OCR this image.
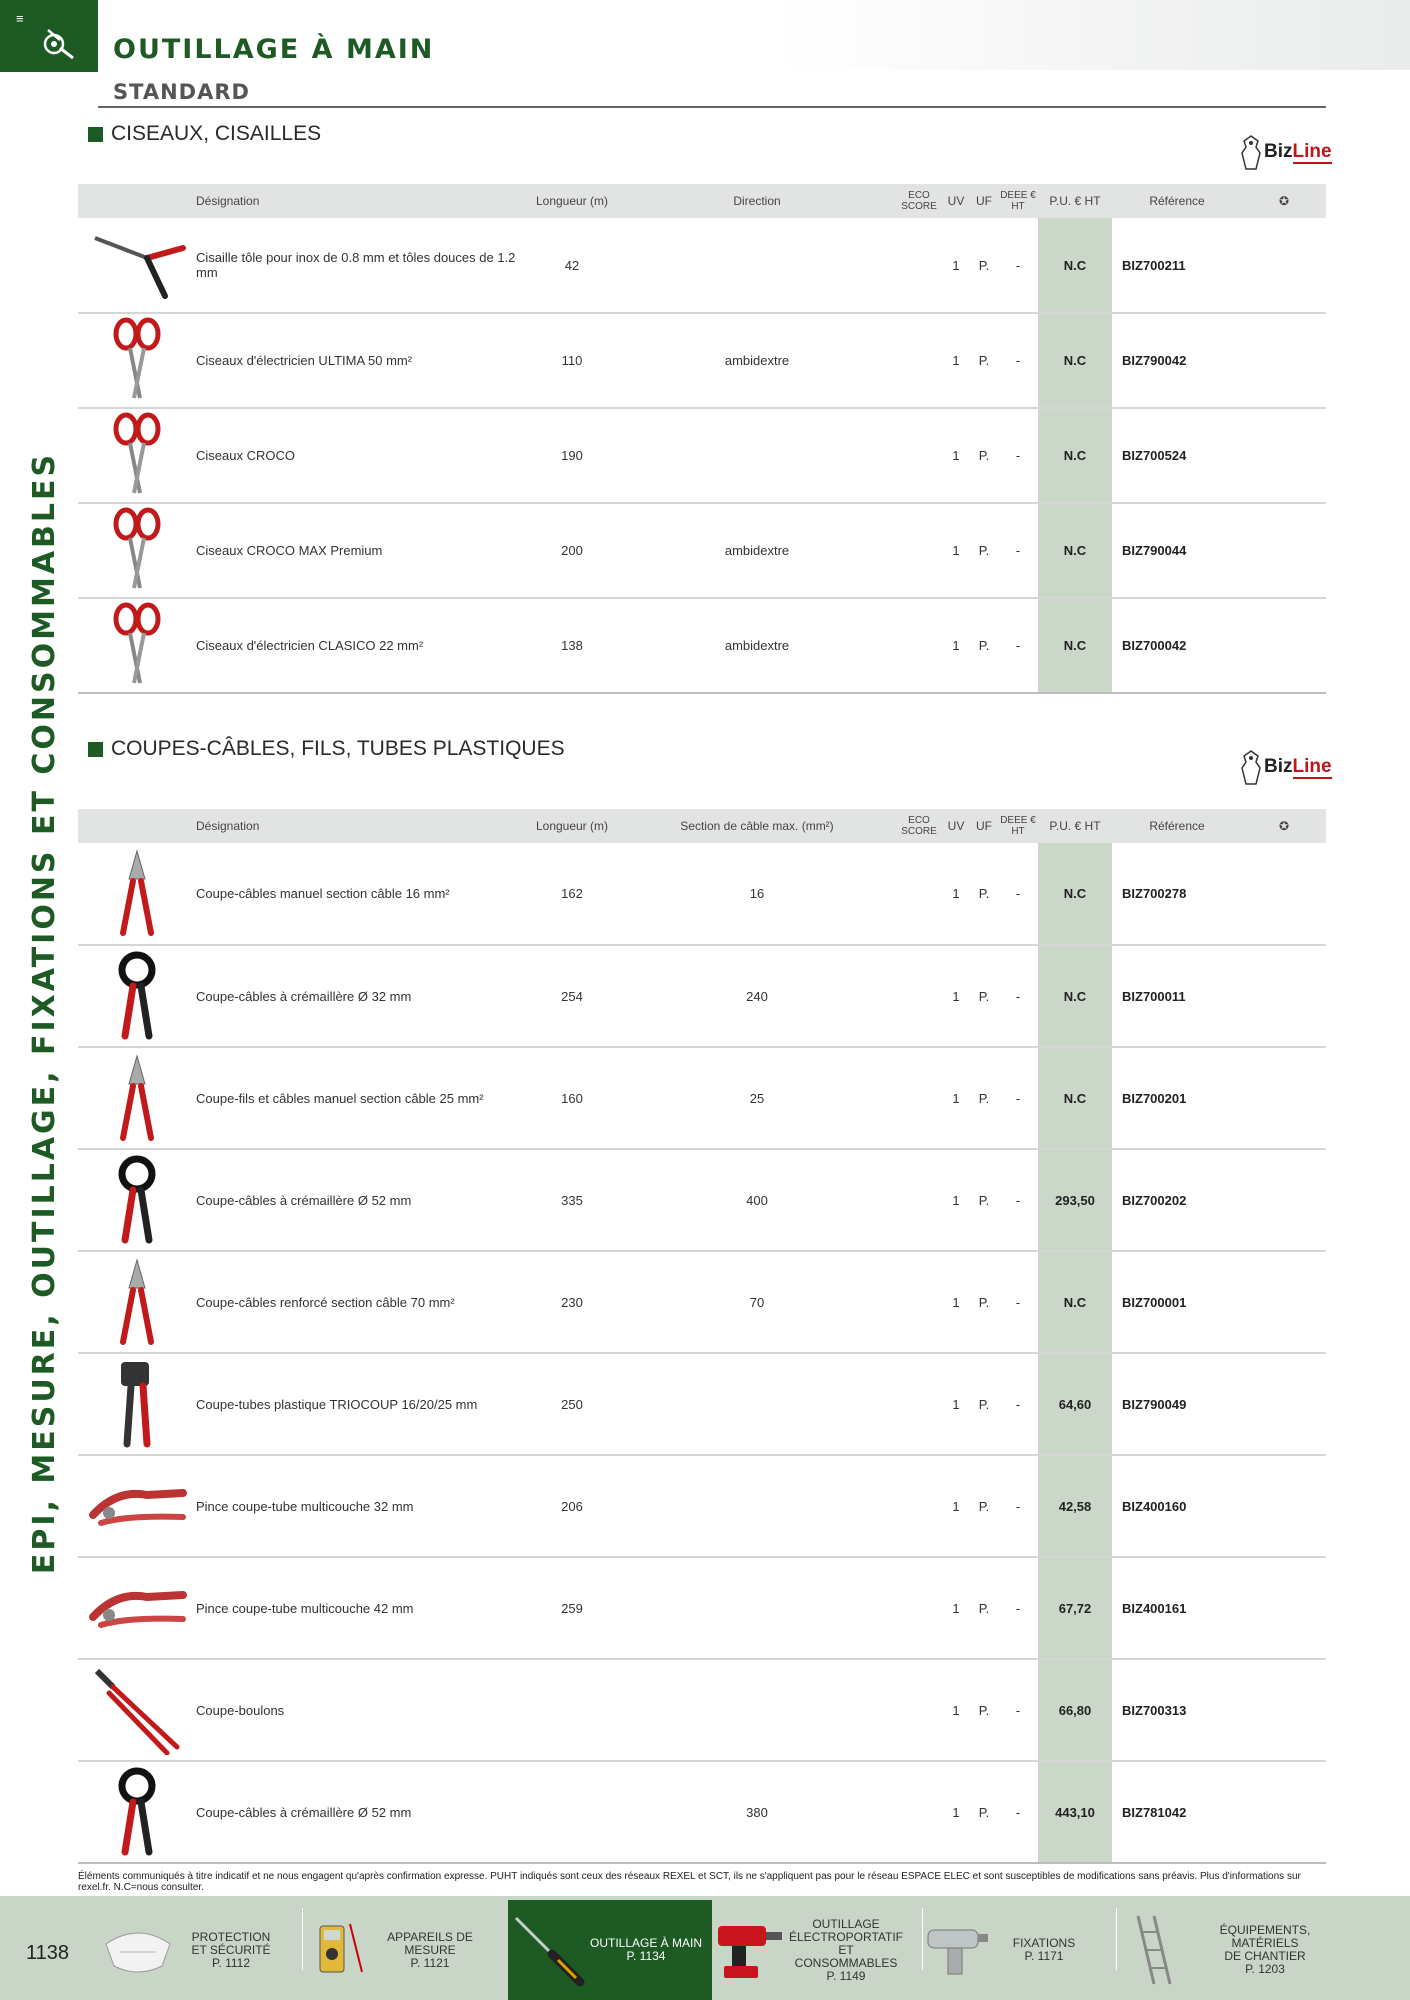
≡
OUTILLAGE À MAIN
STANDARD
EPI, MESURE, OUTILLAGE, FIXATIONS ET CONSOMMABLES
CISEAUX, CISAILLES
BizLine
	Désignation	Longueur (m)	Direction	ECO SCORE	UV	UF	DEEE € HT	P.U. € HT	Référence	✪
	Cisaille tôle pour inox de 0.8 mm et tôles douces de 1.2 mm	42			1	P.	-	N.C	BIZ700211	
	Ciseaux d'électricien ULTIMA 50 mm²	110	ambidextre		1	P.	-	N.C	BIZ790042	
	Ciseaux CROCO	190			1	P.	-	N.C	BIZ700524	
	Ciseaux CROCO MAX Premium	200	ambidextre		1	P.	-	N.C	BIZ790044	
	Ciseaux d'électricien CLASICO 22 mm²	138	ambidextre		1	P.	-	N.C	BIZ700042	
COUPES-CÂBLES, FILS, TUBES PLASTIQUES
BizLine
	Désignation	Longueur (m)	Section de câble max. (mm²)	ECO SCORE	UV	UF	DEEE € HT	P.U. € HT	Référence	✪
	Coupe-câbles manuel section câble 16 mm²	162	16		1	P.	-	N.C	BIZ700278	
	Coupe-câbles à crémaillère Ø 32 mm	254	240		1	P.	-	N.C	BIZ700011	
	Coupe-fils et câbles manuel section câble 25 mm²	160	25		1	P.	-	N.C	BIZ700201	
	Coupe-câbles à crémaillère Ø 52 mm	335	400		1	P.	-	293,50	BIZ700202	
	Coupe-câbles renforcé section câble 70 mm²	230	70		1	P.	-	N.C	BIZ700001	
	Coupe-tubes plastique TRIOCOUP 16/20/25 mm	250			1	P.	-	64,60	BIZ790049	
	Pince coupe-tube multicouche 32 mm	206			1	P.	-	42,58	BIZ400160	
	Pince coupe-tube multicouche 42 mm	259			1	P.	-	67,72	BIZ400161	
	Coupe-boulons				1	P.	-	66,80	BIZ700313	
	Coupe-câbles à crémaillère Ø 52 mm		380		1	P.	-	443,10	BIZ781042	
Éléments communiqués à titre indicatif et ne nous engagent qu'après confirmation expresse. PUHT indiqués sont ceux des réseaux REXEL et SCT, ils ne s'appliquent pas pour le réseau ESPACE ELEC et sont susceptibles de modifications sans préavis. Plus d'informations sur rexel.fr. N.C=nous consulter.
1138
PROTECTION
ET SÉCURITÉ
P. 1112
APPAREILS DE MESURE
P. 1121
OUTILLAGE À MAIN
P. 1134
OUTILLAGE ÉLECTROPORTATIF
ET CONSOMMABLES
P. 1149
FIXATIONS
P. 1171
ÉQUIPEMENTS, MATÉRIELS
DE CHANTIER
P. 1203
